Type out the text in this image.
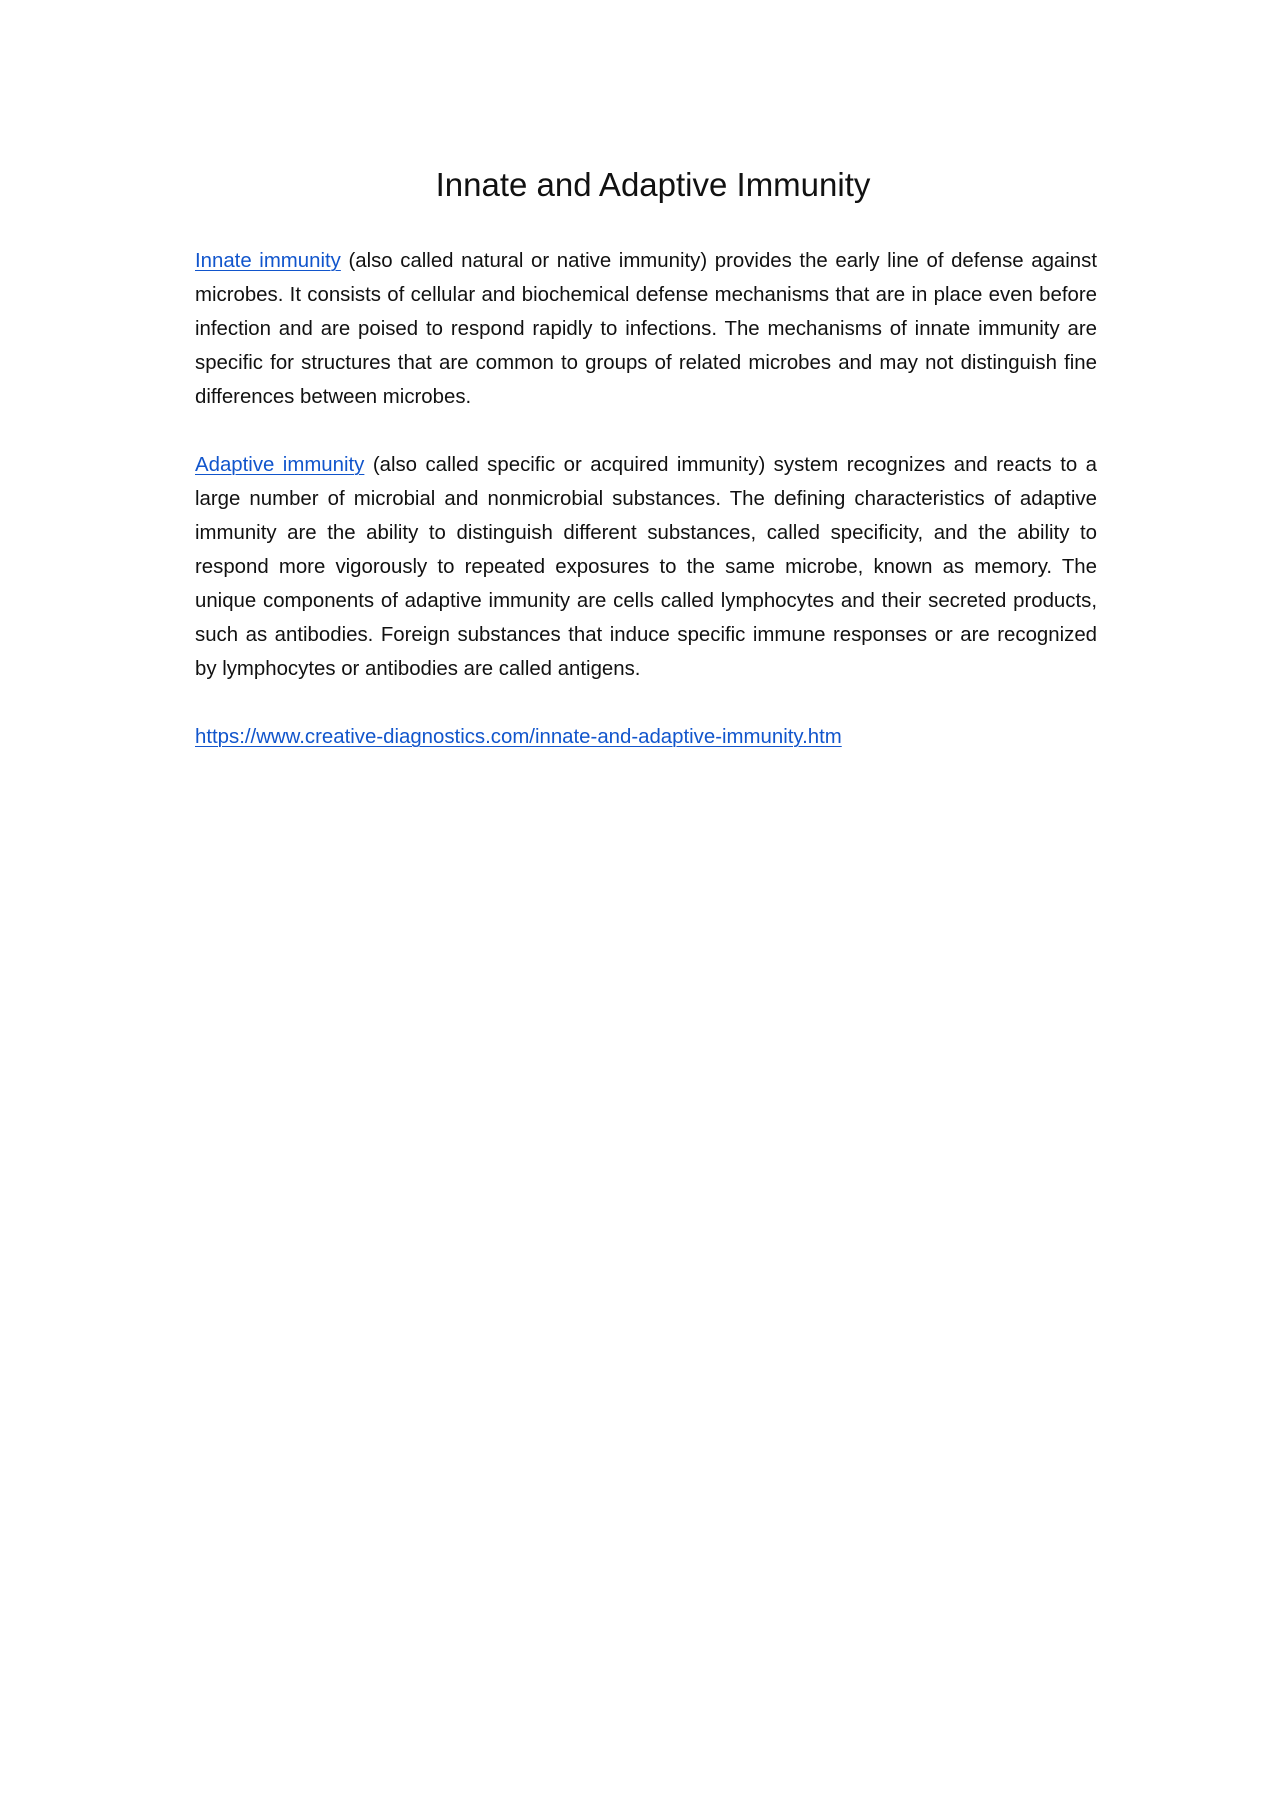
Innate and Adaptive Immunity

Innate immunity (also called natural or native immunity) provides the early line of defense against microbes. It consists of cellular and biochemical defense mechanisms that are in place even before infection and are poised to respond rapidly to infections. The mechanisms of innate immunity are specific for structures that are common to groups of related microbes and may not distinguish fine differences between microbes.

Adaptive immunity (also called specific or acquired immunity) system recognizes and reacts to a large number of microbial and nonmicrobial substances. The defining characteristics of adaptive immunity are the ability to distinguish different substances, called specificity, and the ability to respond more vigorously to repeated exposures to the same microbe, known as memory. The unique components of adaptive immunity are cells called lymphocytes and their secreted products, such as antibodies. Foreign substances that induce specific immune responses or are recognized by lymphocytes or antibodies are called antigens.

https://www.creative-diagnostics.com/innate-and-adaptive-immunity.htm
